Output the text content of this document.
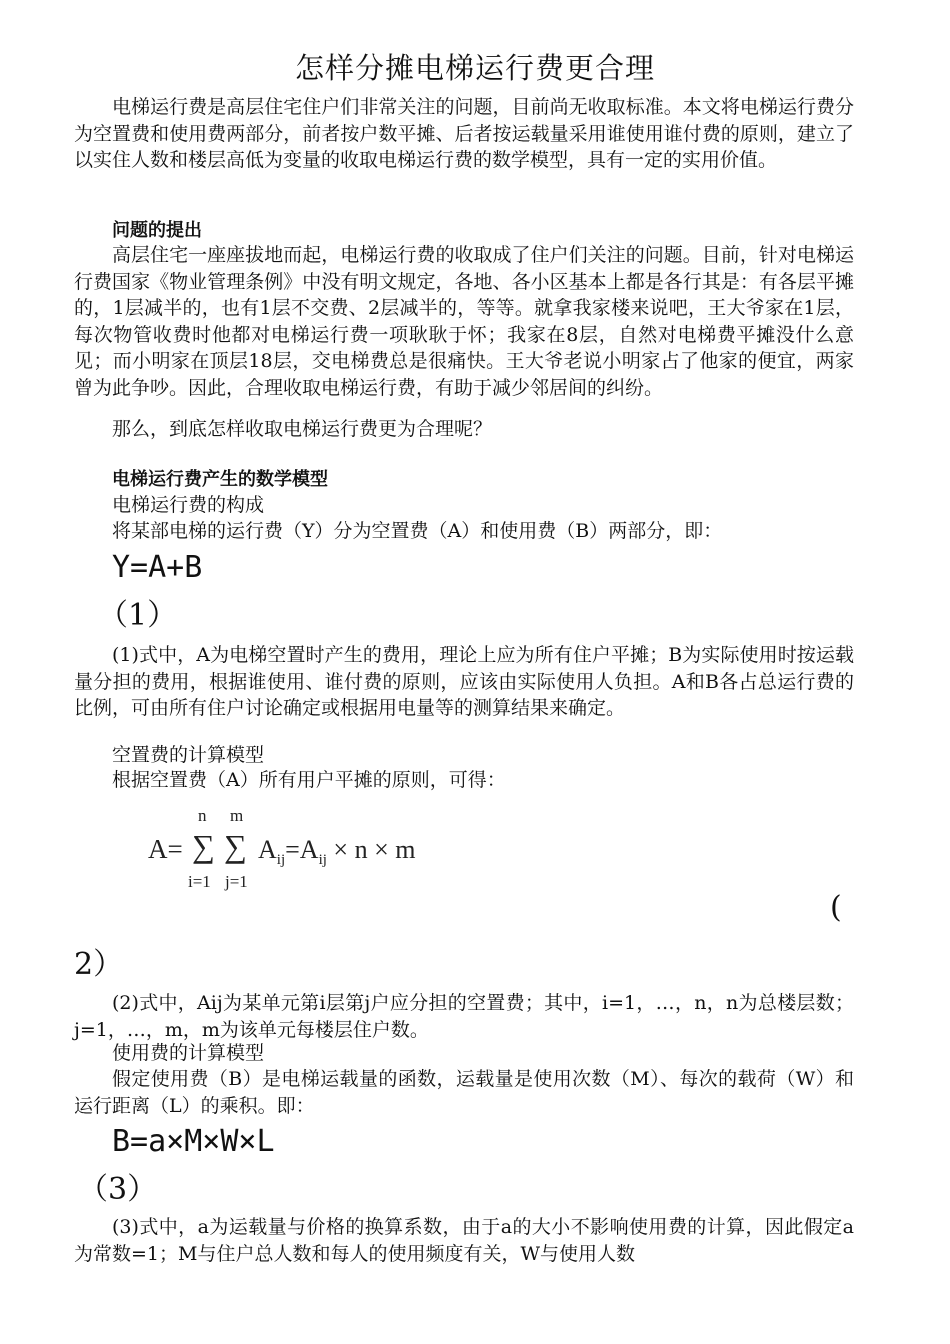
怎样分摊电梯运行费更合理

电梯运行费是高层住宅住户们非常关注的问题，目前尚无收取标准。本文将电梯运行费分为空置费和使用费两部分，前者按户数平摊、后者按运载量采用谁使用谁付费的原则，建立了以实住人数和楼层高低为变量的收取电梯运行费的数学模型，具有一定的实用价值。

问题的提出

高层住宅一座座拔地而起，电梯运行费的收取成了住户们关注的问题。目前，针对电梯运行费国家《物业管理条例》中没有明文规定，各地、各小区基本上都是各行其是：有各层平摊的，1层减半的，也有1层不交费、2层减半的，等等。就拿我家楼来说吧，王大爷家在1层，每次物管收费时他都对电梯运行费一项耿耿于怀；我家在8层，自然对电梯费平摊没什么意见；而小明家在顶层18层，交电梯费总是很痛快。王大爷老说小明家占了他家的便宜，两家曾为此争吵。因此，合理收取电梯运行费，有助于减少邻居间的纠纷。

那么，到底怎样收取电梯运行费更为合理呢？

电梯运行费产生的数学模型

电梯运行费的构成

将某部电梯的运行费（Y）分为空置费（A）和使用费（B）两部分，即：

Y=A+B
（1）

(1)式中，A为电梯空置时产生的费用，理论上应为所有住户平摊；B为实际使用时按运载量分担的费用，根据谁使用、谁付费的原则，应该由实际使用人负担。A和B各占总运行费的比例，可由所有住户讨论确定或根据用电量等的测算结果来确定。

空置费的计算模型

根据空置费（A）所有用户平摊的原则，可得：

A=
n m
∑ ∑
i=1 j=1
$A_{ij}=A_{ij} \times n \times m$
(
2）

(2)式中，Aij为某单元第i层第j户应分担的空置费；其中，i=1，…，n，n为总楼层数；j=1，…，m，m为该单元每楼层住户数。

使用费的计算模型

假定使用费（B）是电梯运载量的函数，运载量是使用次数（M）、每次的载荷（W）和运行距离（L）的乘积。即：

B=a×M×W×L
（3）

(3)式中，a为运载量与价格的换算系数，由于a的大小不影响使用费的计算，因此假定a为常数=1；M与住户总人数和每人的使用频度有关，W与使用人数
